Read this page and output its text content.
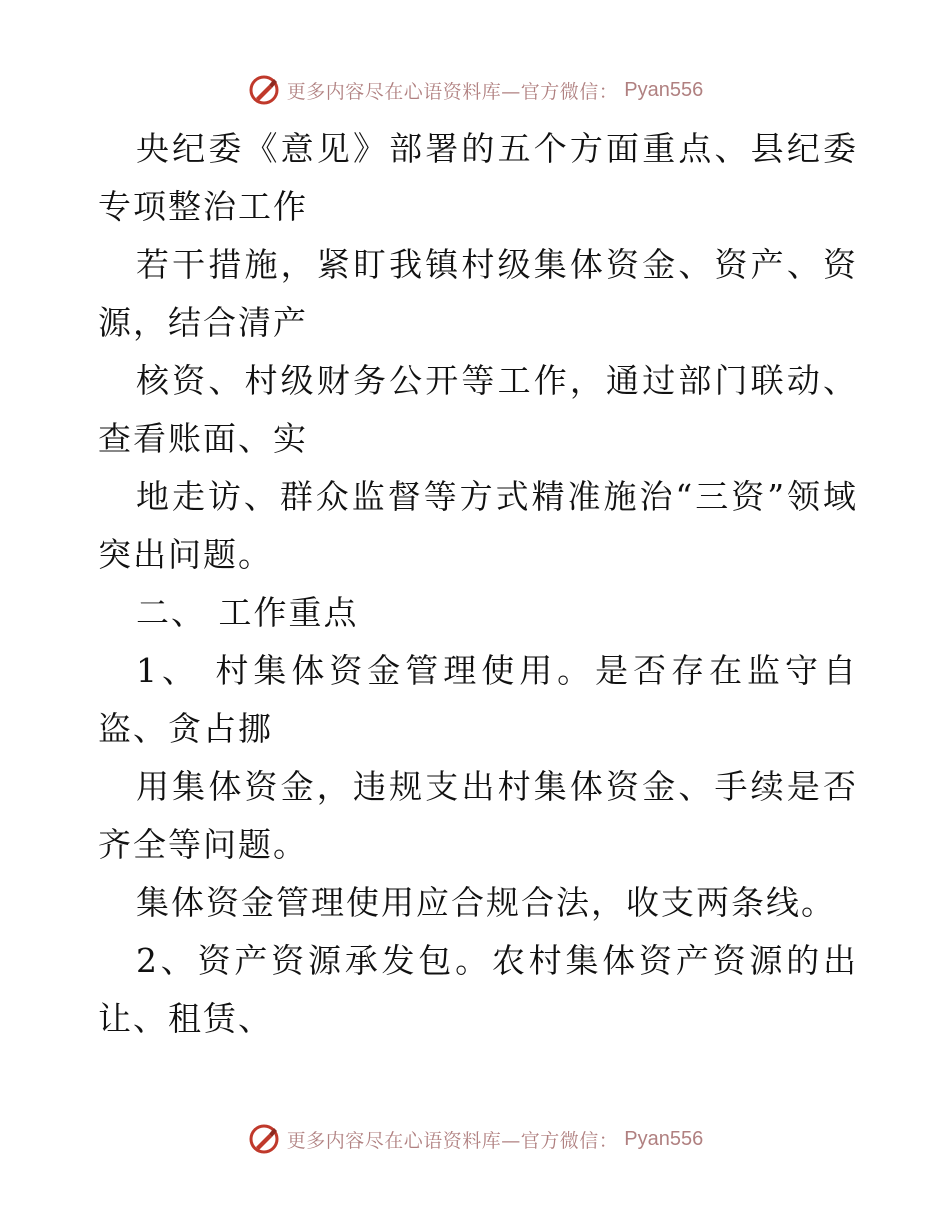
更多内容尽在心语资料库—官方微信： Pyan556

央纪委《意见》部署的五个方面重点、县纪委专项整治工作

若干措施，紧盯我镇村级集体资金、资产、资源，结合清产

核资、村级财务公开等工作，通过部门联动、查看账面、实

地走访、群众监督等方式精准施治“三资”领域突出问题。

二、 工作重点

1、 村集体资金管理使用。是否存在监守自盗、贪占挪

用集体资金，违规支出村集体资金、手续是否齐全等问题。

集体资金管理使用应合规合法，收支两条线。

2、资产资源承发包。农村集体资产资源的出让、租赁、

更多内容尽在心语资料库—官方微信： Pyan556
